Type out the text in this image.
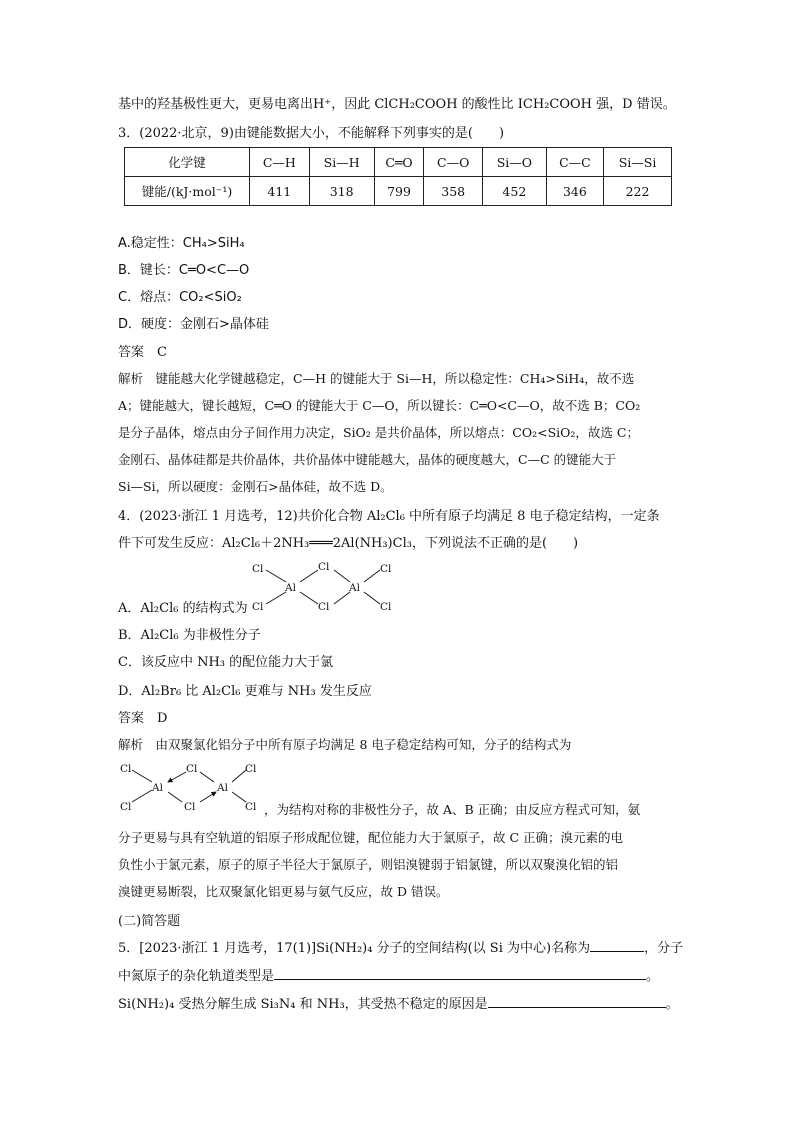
基中的羟基极性更大，更易电离出H⁺，因此 ClCH₂COOH 的酸性比 ICH₂COOH 强，D 错误。
3．(2022·北京，9)由键能数据大小，不能解释下列事实的是(　　)
化学键	C—H	Si—H	C═O	C—O	Si—O	C—C	Si—Si
键能/(kJ·mol⁻¹)	411	318	799	358	452	346	222
A.稳定性：CH₄>SiH₄
B．键长：C═O<C—O
C．熔点：CO₂<SiO₂
D．硬度：金刚石>晶体硅
答案　C
解析　键能越大化学键越稳定，C—H 的键能大于 Si—H，所以稳定性：CH₄>SiH₄，故不选
A；键能越大，键长越短，C═O 的键能大于 C—O，所以键长：C═O<C—O，故不选 B；CO₂
是分子晶体，熔点由分子间作用力决定，SiO₂ 是共价晶体，所以熔点：CO₂<SiO₂，故选 C；
金刚石、晶体硅都是共价晶体，共价晶体中键能越大，晶体的硬度越大，C—C 的键能大于
Si—Si，所以硬度：金刚石>晶体硅，故不选 D。
4．(2023·浙江 1 月选考，12)共价化合物 Al₂Cl₆ 中所有原子均满足 8 电子稳定结构，一定条
件下可发生反应：Al₂Cl₆＋2NH₃═══2Al(NH₃)Cl₃，下列说法不正确的是(　　)
Cl
Cl
Al
Cl
Cl
Al
Cl
Cl
A．Al₂Cl₆ 的结构式为
B．Al₂Cl₆ 为非极性分子
C．该反应中 NH₃ 的配位能力大于氯
D．Al₂Br₆ 比 Al₂Cl₆ 更难与 NH₃ 发生反应
答案　D
解析　由双聚氯化铝分子中所有原子均满足 8 电子稳定结构可知，分子的结构式为
Cl
Cl
Al
Cl
Cl
Al
Cl
Cl ，为结构对称的非极性分子，故 A、B 正确；由反应方程式可知，氨
分子更易与具有空轨道的铝原子形成配位键，配位能力大于氯原子，故 C 正确；溴元素的电
负性小于氯元素，原子的原子半径大于氯原子，则铝溴键弱于铝氯键，所以双聚溴化铝的铝
溴键更易断裂，比双聚氯化铝更易与氨气反应，故 D 错误。
(二)简答题
5．[2023·浙江 1 月选考，17(1)]Si(NH₂)₄ 分子的空间结构(以 Si 为中心)名称为	，分子
中氮原子的杂化轨道类型是	。
Si(NH₂)₄ 受热分解生成 Si₃N₄ 和 NH₃，其受热不稳定的原因是	。
